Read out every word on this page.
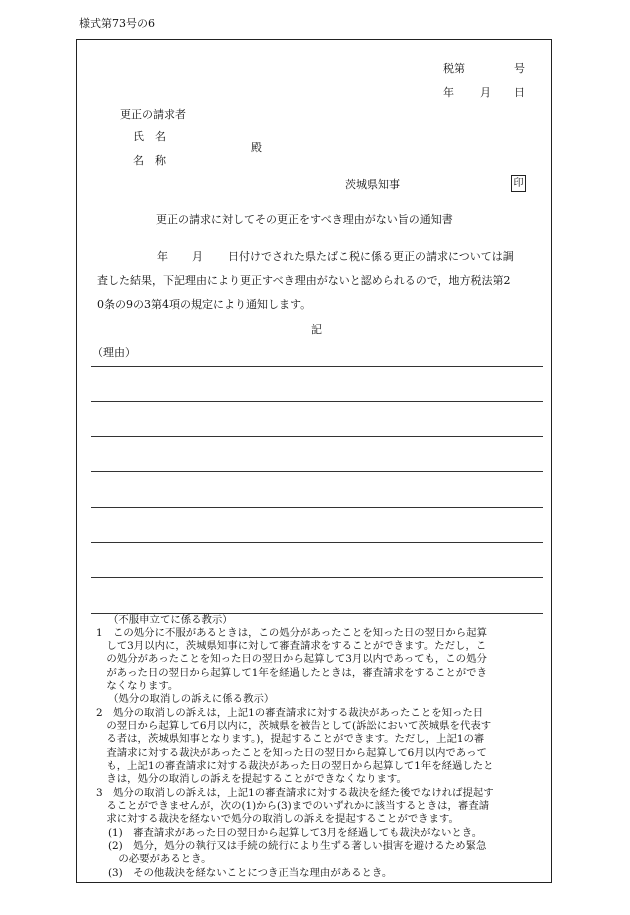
様式第73号の6
税第	号
年 月 日
更正の請求者
氏　名
殿
名　称
茨城県知事	印
更正の請求に対してその更正をすべき理由がない旨の通知書
年 月 日付けでされた県たばこ税に係る更正の請求については調
査した結果，下記理由により更正すべき理由がないと認められるので，地方税法第2
0条の9の3第4項の規定により通知します。
記
（理由）
（不服申立てに係る教示）
1　この処分に不服があるときは，この処分があったことを知った日の翌日から起算
　して3月以内に，茨城県知事に対して審査請求をすることができます。ただし，こ
　の処分があったことを知った日の翌日から起算して3月以内であっても，この処分
　があった日の翌日から起算して1年を経過したときは，審査請求をすることができ
　なくなります。
（処分の取消しの訴えに係る教示）
2　処分の取消しの訴えは，上記1の審査請求に対する裁決があったことを知った日
　の翌日から起算して6月以内に，茨城県を被告として(訴訟において茨城県を代表す
　る者は，茨城県知事となります。)，提起することができます。ただし，上記1の審
　査請求に対する裁決があったことを知った日の翌日から起算して6月以内であって
　も，上記1の審査請求に対する裁決があった日の翌日から起算して1年を経過したと
　きは，処分の取消しの訴えを提起することができなくなります。
3　処分の取消しの訴えは，上記1の審査請求に対する裁決を経た後でなければ提起す
　ることができませんが，次の(1)から(3)までのいずれかに該当するときは，審査請
　求に対する裁決を経ないで処分の取消しの訴えを提起することができます。
(1)　審査請求があった日の翌日から起算して3月を経過しても裁決がないとき。
(2)　処分，処分の執行又は手続の続行により生ずる著しい損害を避けるため緊急
　の必要があるとき。
(3)　その他裁決を経ないことにつき正当な理由があるとき。
